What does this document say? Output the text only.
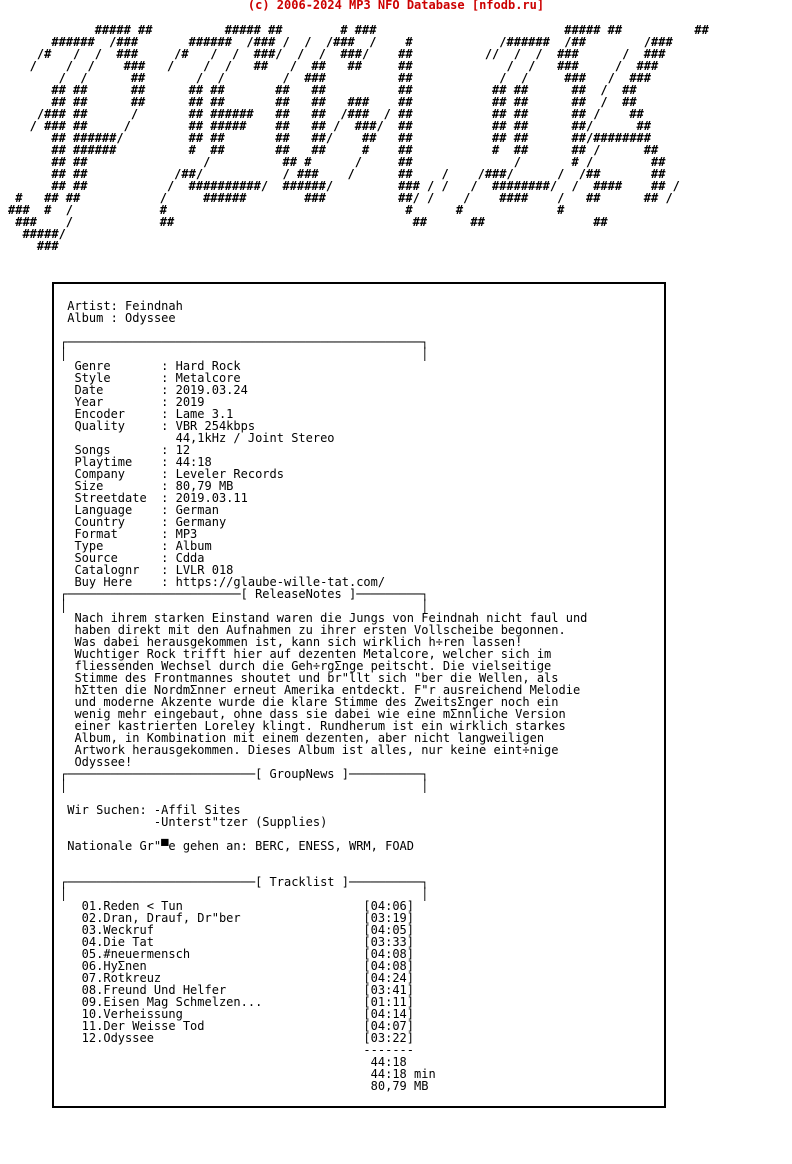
(c) 2006-2024 MP3 NFO Database [nfodb.ru]
##### ##          ##### ##        # ###                          ##### ##          ##
######  /###       ######  /### /  /  /###  /    #            /######  /##        /###
/#   /  /  ###     /#   /  /  ###/  /  /  ###/    ##          //  /  /  ###      /  ###
/    /  /    ###   /    /  /   ##   /  ##   ##     ##             /  /   ###     /  ###
/  /      ##       /  /        /  ###          ##            /  /     ###   /  ###
## ##      ##      ## ##       ##   ##          ##           ## ##      ##  /  ##
## ##      ##      ## ##       ##   ##   ###    ##           ## ##      ##  /  ##
/### ##      /       ## ######   ##   ##  /###  / ##           ## ##      ## /    ##
/ ### ##     /        ## #####    ##   ## /  ###/  ##           ## ##      ##/      ##
## ######/         ## ##       ##   ##/    ##   ##           ## ##      ##/########
## ######          #  ##       ##   ##     #    ##           #  ##      ## /      ##
## ##                /          ## #      /     ##              /       # /        ##
## ##            /##/           / ###    /      ##    /    /###/      /  /##       ##
## ##           /  ##########/  ######/         ### / /   /  ########/  /  ####    ## /
#   ## ##           /     ######        ###          ##/ /    /    ####    /   ##      ## /
###  #  /            #                                 #      #             #
###    /            ##                                 ##      ##               ##
#####/
###
Artist: Feindnah
Album : Odyssee

┌─────────────────────────────────────────────────┐
│                                                 │
Genre       : Hard Rock
Style       : Metalcore
Date        : 2019.03.24
Year        : 2019
Encoder     : Lame 3.1
Quality     : VBR 254kbps
44,1kHz / Joint Stereo
Songs       : 12
Playtime    : 44:18
Company     : Leveler Records
Size        : 80,79 MB
Streetdate  : 2019.03.11
Language    : German
Country     : Germany
Format      : MP3
Type        : Album
Source      : Cdda
Catalognr   : LVLR 018
Buy Here    : https://glaube-wille-tat.com/
┌────────────────────────[ ReleaseNotes ]─────────┐
│                                                 │
Nach ihrem starken Einstand waren die Jungs von Feindnah nicht faul und
haben direkt mit den Aufnahmen zu ihrer ersten Vollscheibe begonnen.
Was dabei herausgekommen ist, kann sich wirklich h÷ren lassen!
Wuchtiger Rock trifft hier auf dezenten Metalcore, welcher sich im
fliessenden Wechsel durch die Geh÷rgΣnge peitscht. Die vielseitige
Stimme des Frontmannes shoutet und br"llt sich "ber die Wellen, als
hΣtten die NordmΣnner erneut Amerika entdeckt. F"r ausreichend Melodie
und moderne Akzente wurde die klare Stimme des ZweitsΣnger noch ein
wenig mehr eingebaut, ohne dass sie dabei wie eine mΣnnliche Version
einer kastrierten Loreley klingt. Rundherum ist ein wirklich starkes
Album, in Kombination mit einem dezenten, aber nicht langweiligen
Artwork herausgekommen. Dieses Album ist alles, nur keine eint÷nige
Odyssee!
┌──────────────────────────[ GroupNews ]──────────┐
│                                                 │

Wir Suchen: -Affil Sites
-Unterst"tzer (Supplies)

Nationale Gr"▀e gehen an: BERC, ENESS, WRM, FOAD

┌──────────────────────────[ Tracklist ]──────────┐
│                                                 │
01.Reden < Tun                         [04:06]
02.Dran, Drauf, Dr"ber                 [03:19]
03.Weckruf                             [04:05]
04.Die Tat                             [03:33]
05.#neuermensch                        [04:08]
06.HyΣnen                              [04:08]
07.Rotkreuz                            [04:24]
08.Freund Und Helfer                   [03:41]
09.Eisen Mag Schmelzen...              [01:11]
10.Verheissung                         [04:14]
11.Der Weisse Tod                      [04:07]
12.Odyssee                             [03:22]
-------
44:18
44:18 min
80,79 MB
